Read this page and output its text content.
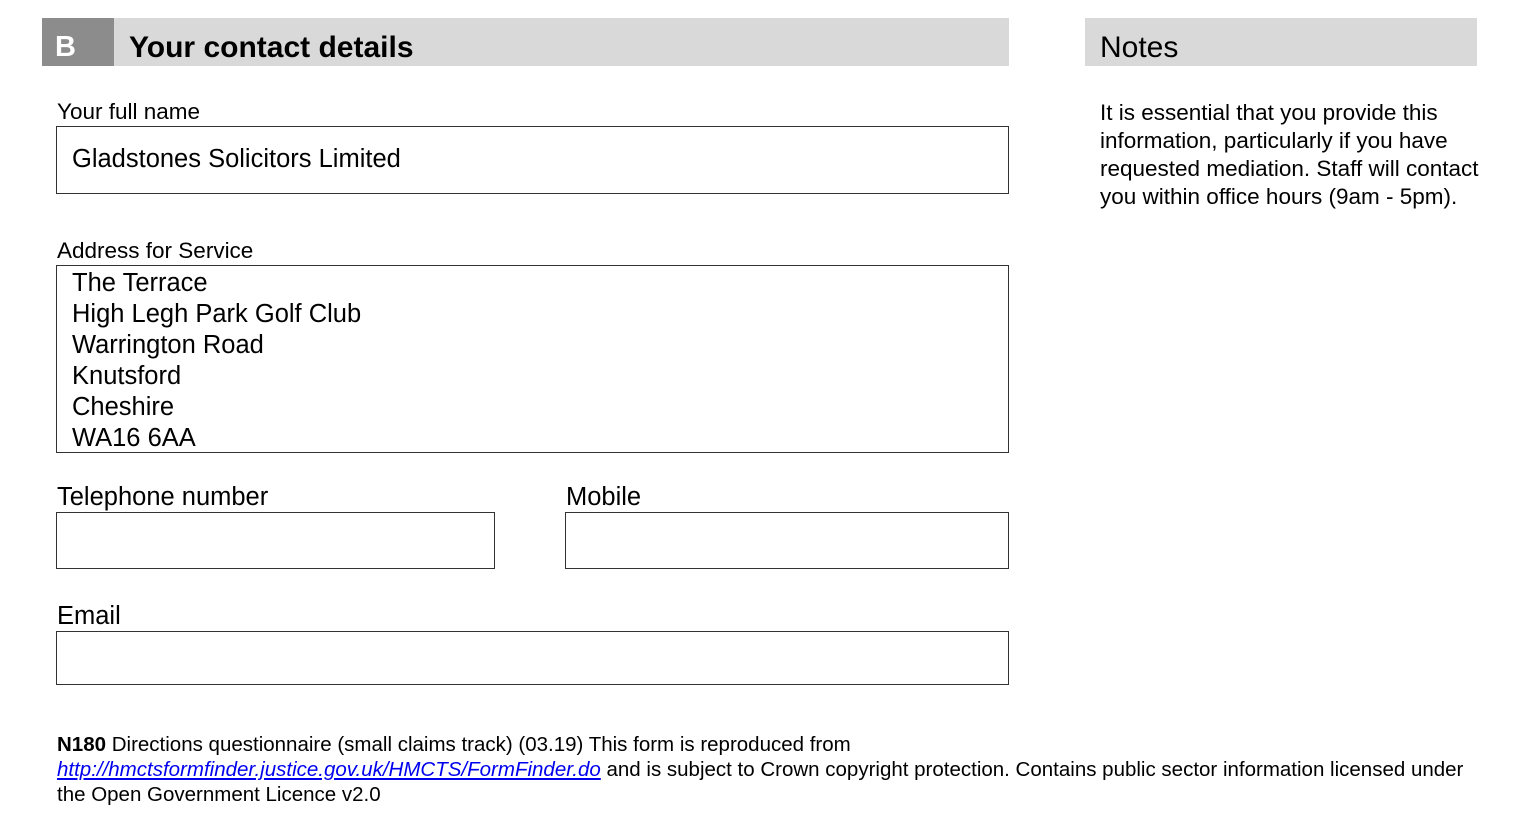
B	Your contact details	Notes
It is essential that you provide this information, particularly if you have requested mediation. Staff will contact you within office hours (9am - 5pm).
Your full name
Gladstones Solicitors Limited
Address for Service
The Terrace
High Legh Park Golf Club
Warrington Road
Knutsford
Cheshire
WA16 6AA
Telephone number	Mobile
Email
N180 Directions questionnaire (small claims track) (03.19) This form is reproduced from
http://hmctsformfinder.justice.gov.uk/HMCTS/FormFinder.do and is subject to Crown copyright protection. Contains public sector information licensed under the Open Government Licence v2.0
